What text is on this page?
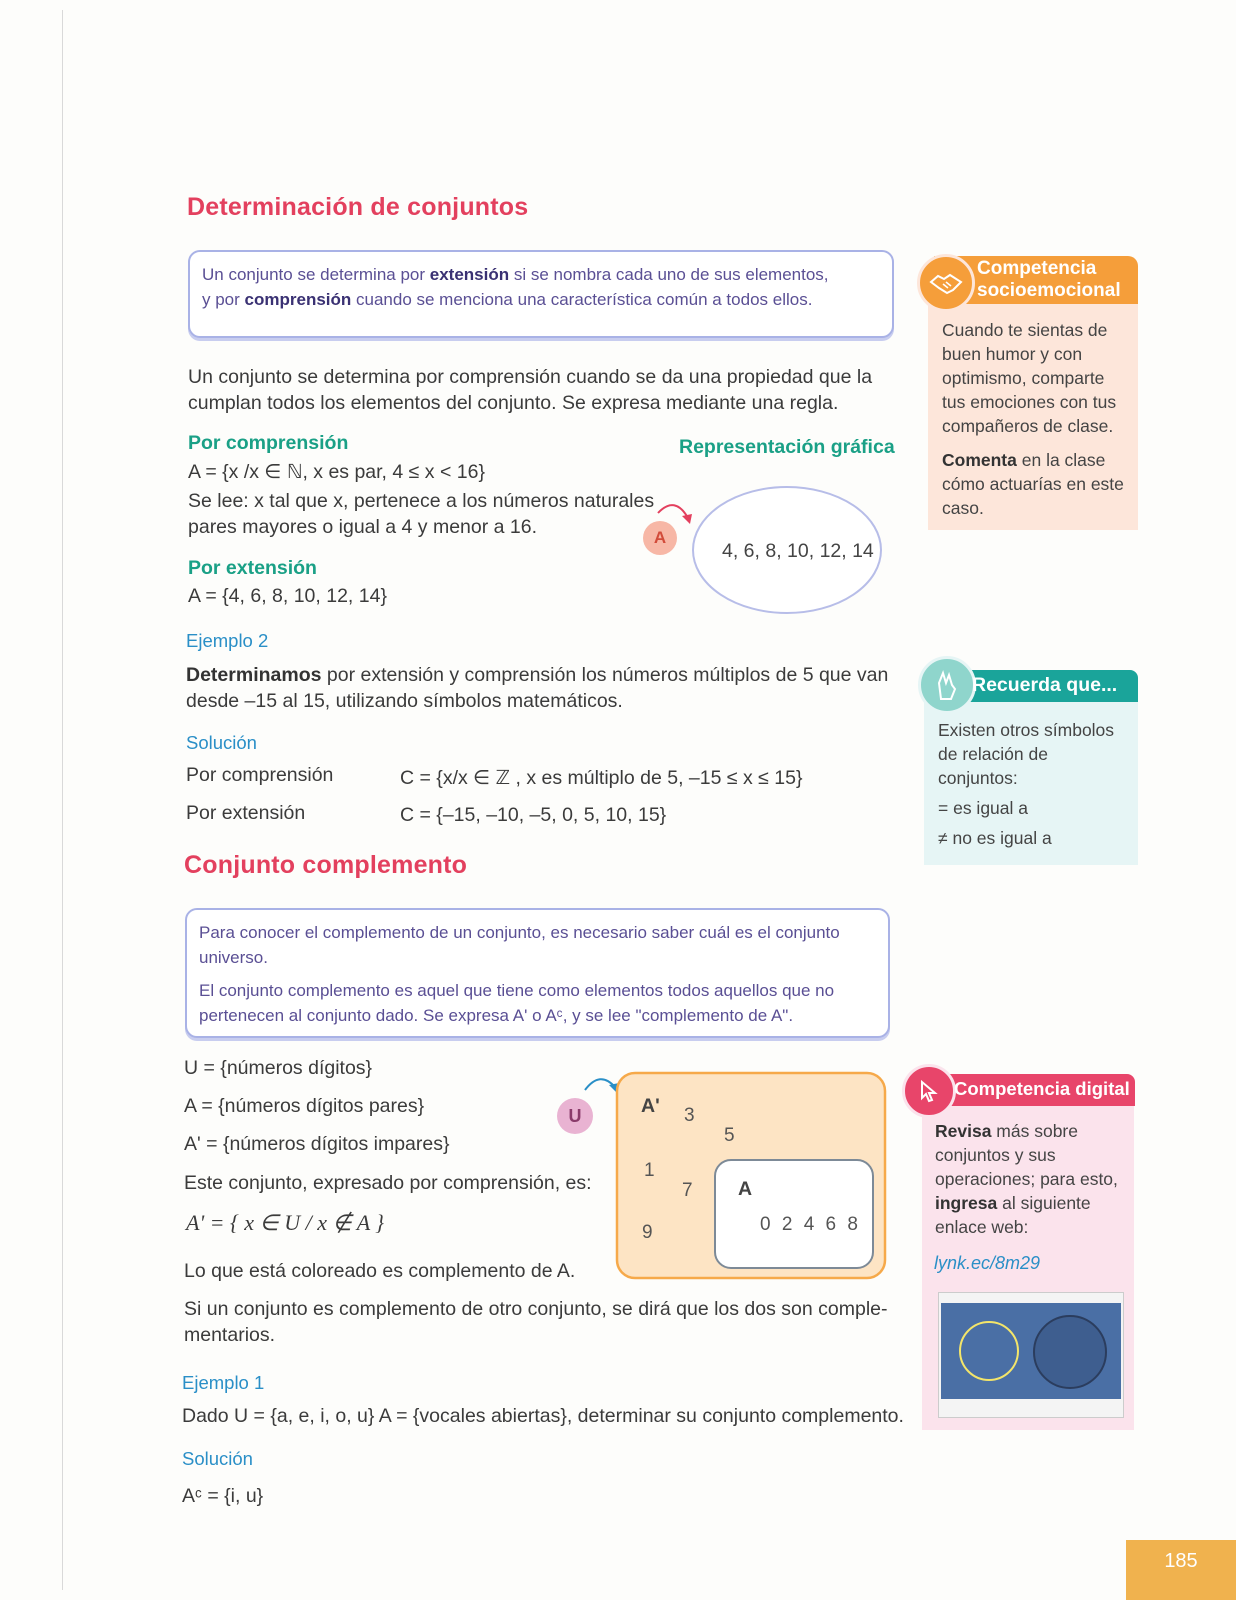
Determinación de conjuntos
Un conjunto se determina por extensión si se nombra cada uno de sus elementos,
y por comprensión cuando se menciona una característica común a todos ellos.
Un conjunto se determina por comprensión cuando se da una propiedad que la
cumplan todos los elementos del conjunto. Se expresa mediante una regla.
Por comprensión
A = {x /x ∈ ℕ, x es par, 4 ≤ x < 16}
Se lee: x tal que x, pertenece a los números naturales
pares mayores o igual a 4 y menor a 16.
Por extensión
A = {4, 6, 8, 10, 12, 14}
Representación gráfica
A
4, 6, 8, 10, 12, 14
Ejemplo 2
Determinamos por extensión y comprensión los números múltiplos de 5 que van
desde –15 al 15, utilizando símbolos matemáticos.
Solución
Por comprensión	C = {x/x ∈ ℤ , x es múltiplo de 5, –15 ≤ x ≤ 15}
Por extensión	C = {–15, –10, –5, 0, 5, 10, 15}
Conjunto complemento
Para conocer el complemento de un conjunto, es necesario saber cuál es el conjunto
universo.
El conjunto complemento es aquel que tiene como elementos todos aquellos que no
pertenecen al conjunto dado. Se expresa A' o Aᶜ, y se lee "complemento de A".
U = {números dígitos}
A = {números dígitos pares}
A' = {números dígitos impares}
Este conjunto, expresado por comprensión, es:
A' = { x ∈ U / x ∉ A }
Lo que está coloreado es complemento de A.
Si un conjunto es complemento de otro conjunto, se dirá que los dos son comple-
mentarios.
U	A' 3
5
1
7
9
A
0 2 4 6 8
Ejemplo 1
Dado U = {a, e, i, o, u} A = {vocales abiertas}, determinar su conjunto complemento.
Solución
Aᶜ = {i, u}
Competencia
socioemocional
Cuando te sientas de
buen humor y con
optimismo, comparte
tus emociones con tus
compañeros de clase.
Comenta en la clase
cómo actuarías en este
caso.
Recuerda que...
Existen otros símbolos
de relación de
conjuntos:
= es igual a
≠ no es igual a
Competencia digital
Revisa más sobre
conjuntos y sus
operaciones; para esto,
ingresa al siguiente
enlace web:
lynk.ec/8m29
185
